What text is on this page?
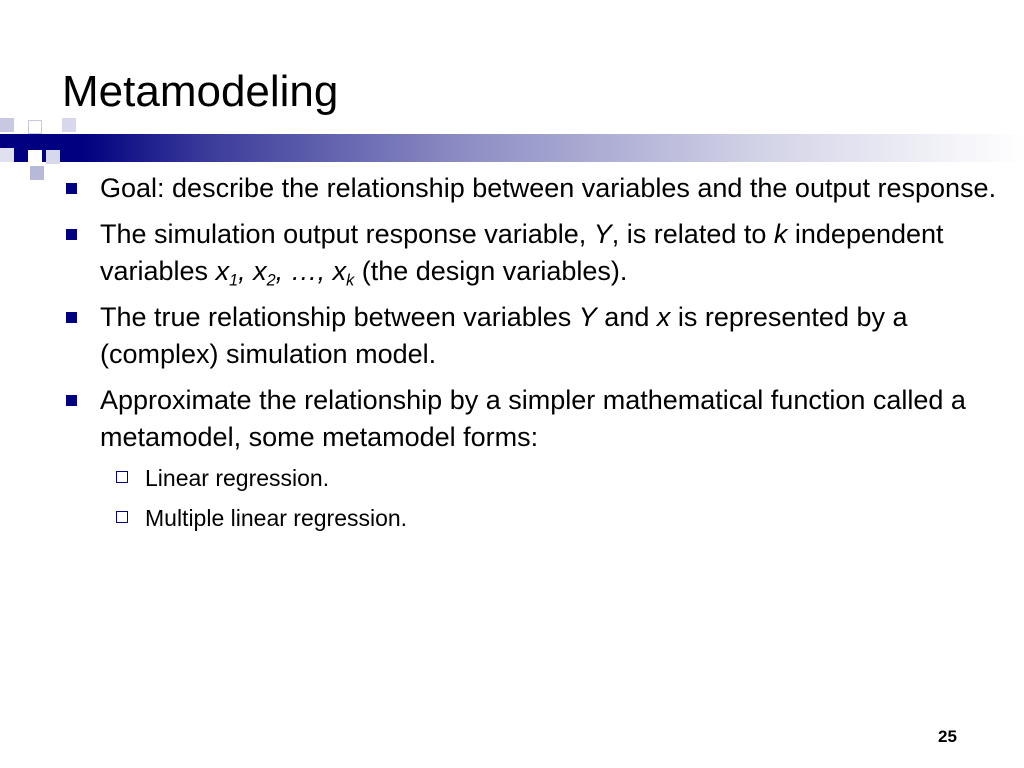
Metamodeling
Goal: describe the relationship between variables and the output response.
The simulation output response variable, Y, is related to k independent variables $x_1$, $x_2$, …, $x_k$ (the design variables).
The true relationship between variables Y and x is represented by a (complex) simulation model.
Approximate the relationship by a simpler mathematical function called a metamodel, some metamodel forms:
Linear regression.
Multiple linear regression.
25
